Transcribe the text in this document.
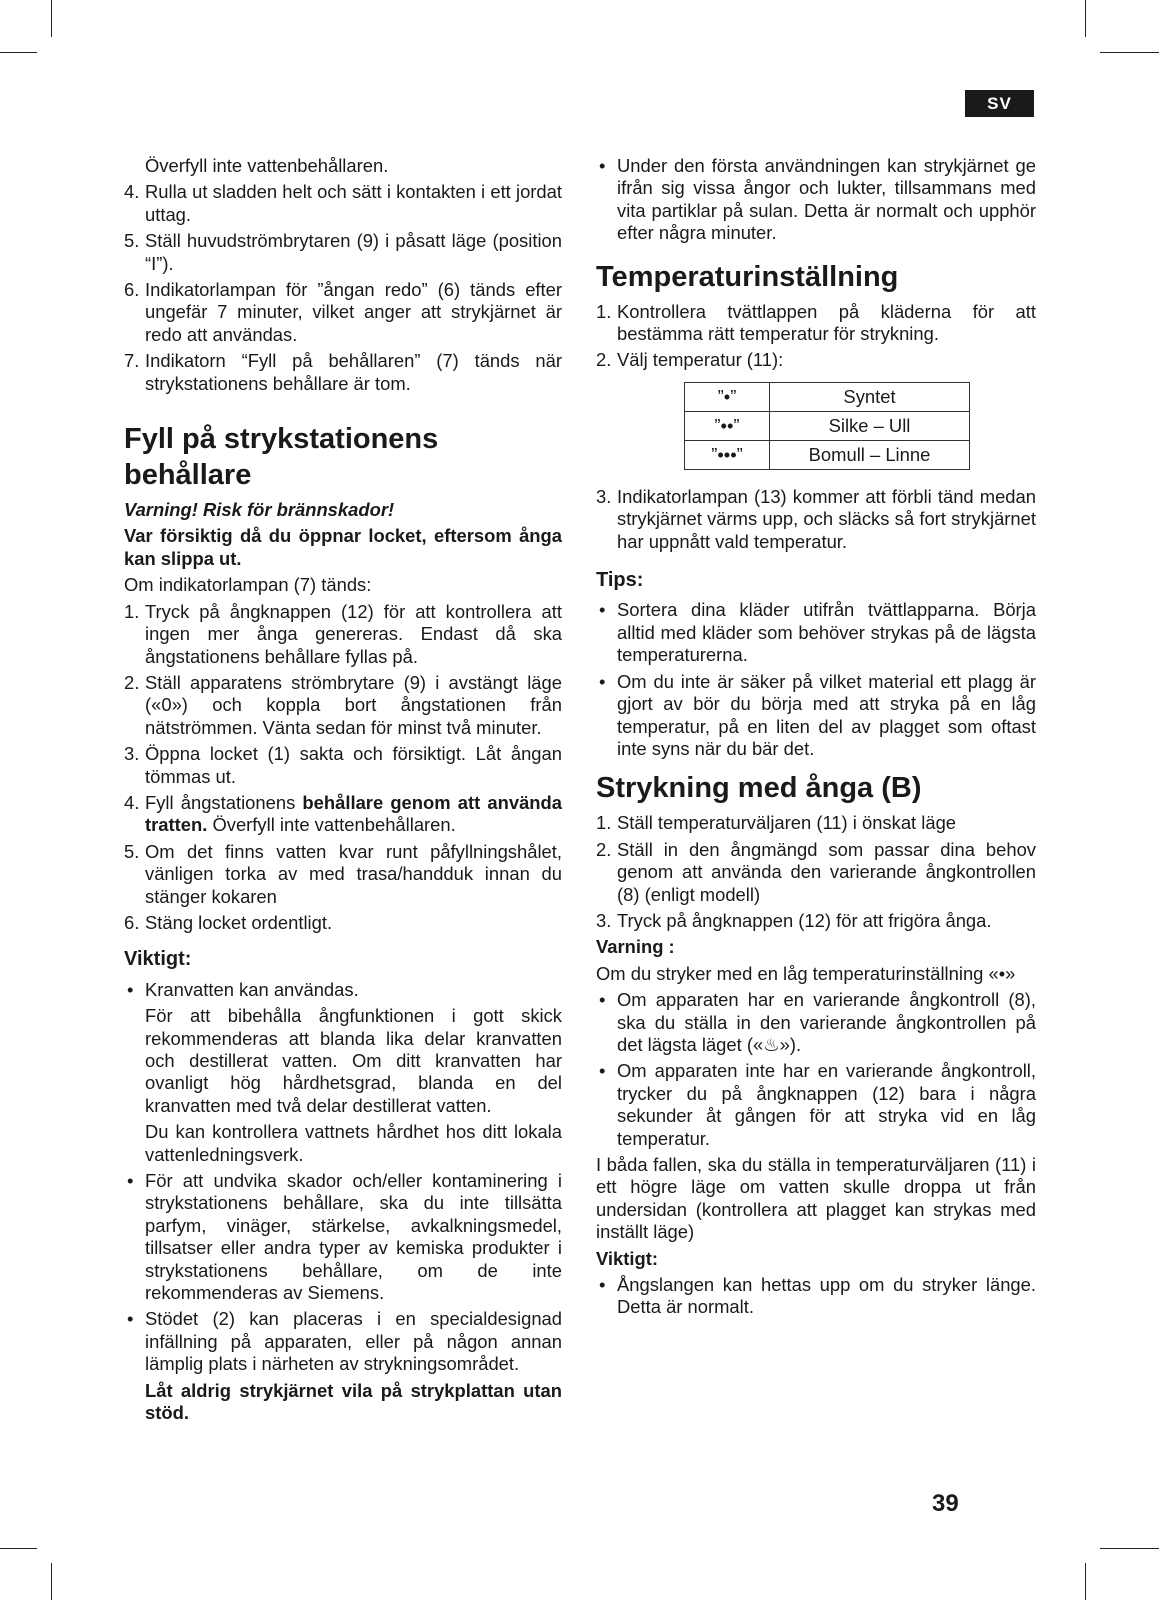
SV

Överfyll inte vattenbehållaren.

4. Rulla ut sladden helt och sätt i kontakten i ett jordat uttag.
5. Ställ huvudströmbrytaren (9) i påsatt läge (position “I”).
6. Indikatorlampan för ”ångan redo” (6) tänds efter ungefär 7 minuter, vilket anger att strykjärnet är redo att användas.
7. Indikatorn “Fyll på behållaren” (7) tänds när strykstationens behållare är tom.
Fyll på strykstationens behållare

Varning! Risk för brännskador!

Var försiktig då du öppnar locket, eftersom ånga kan slippa ut.

Om indikatorlampan (7) tänds:

1. Tryck på ångknappen (12) för att kontrollera att ingen mer ånga genereras. Endast då ska ångstationens behållare fyllas på.
2. Ställ apparatens strömbrytare (9) i avstängt läge («0») och koppla bort ångstationen från nätströmmen. Vänta sedan för minst två minuter.
3. Öppna locket (1) sakta och försiktigt. Låt ångan tömmas ut.
4. Fyll ångstationens behållare genom att använda tratten. Överfyll inte vattenbehållaren.
5. Om det finns vatten kvar runt påfyllningshålet, vänligen torka av med trasa/handduk innan du stänger kokaren
6. Stäng locket ordentligt.
Viktigt:
• Kranvatten kan användas.

För att bibehålla ångfunktionen i gott skick rekommenderas att blanda lika delar kranvatten och destillerat vatten. Om ditt kranvatten har ovanligt hög hårdhetsgrad, blanda en del kranvatten med två delar destillerat vatten.

Du kan kontrollera vattnets hårdhet hos ditt lokala vattenledningsverk.

• För att undvika skador och/eller kontaminering i strykstationens behållare, ska du inte tillsätta parfym, vinäger, stärkelse, avkalkningsmedel, tillsatser eller andra typer av kemiska produkter i strykstationens behållare, om de inte rekommenderas av Siemens.
• Stödet (2) kan placeras i en specialdesignad infällning på apparaten, eller på någon annan lämplig plats i närheten av strykningsområdet.

Låt aldrig strykjärnet vila på strykplattan utan stöd.

• Under den första användningen kan strykjärnet ge ifrån sig vissa ångor och lukter, tillsammans med vita partiklar på sulan. Detta är normalt och upphör efter några minuter.
Temperaturinställning
1. Kontrollera tvättlappen på kläderna för att bestämma rätt temperatur för strykning.
2. Välj temperatur (11):
”•”	Syntet
”••”	Silke – Ull
”•••”	Bomull – Linne
3. Indikatorlampan (13) kommer att förbli tänd medan strykjärnet värms upp, och släcks så fort strykjärnet har uppnått vald temperatur.
Tips:
• Sortera dina kläder utifrån tvättlapparna. Börja alltid med kläder som behöver strykas på de lägsta temperaturerna.
• Om du inte är säker på vilket material ett plagg är gjort av bör du börja med att stryka på en låg temperatur, på en liten del av plagget som oftast inte syns när du bär det.
Strykning med ånga (B)
1. Ställ temperaturväljaren (11) i önskat läge
2. Ställ in den ångmängd som passar dina behov genom att använda den varierande ångkontrollen (8) (enligt modell)
3. Tryck på ångknappen (12) för att frigöra ånga.

Varning :

Om du stryker med en låg temperaturinställning «•»

• Om apparaten har en varierande ångkontroll (8), ska du ställa in den varierande ångkontrollen på det lägsta läget («♨»).
• Om apparaten inte har en varierande ångkontroll, trycker du på ångknappen (12) bara i några sekunder åt gången för att stryka vid en låg temperatur.

I båda fallen, ska du ställa in temperaturväljaren (11) i ett högre läge om vatten skulle droppa ut från undersidan (kontrollera att plagget kan strykas med inställt läge)

Viktigt:

• Ångslangen kan hettas upp om du stryker länge. Detta är normalt.
39
